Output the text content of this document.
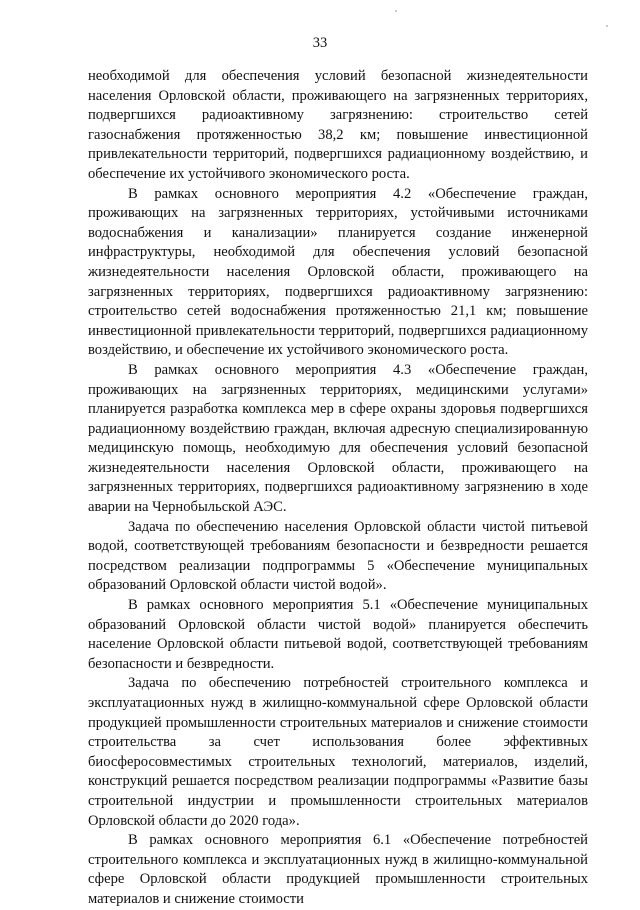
33

необходимой для обеспечения условий безопасной жизнедеятельности населения Орловской области, проживающего на загрязненных территориях, подвергшихся радиоактивному загрязнению: строительство сетей газоснабжения протяженностью 38,2 км; повышение инвестиционной привлекательности территорий, подвергшихся радиационному воздействию, и обеспечение их устойчивого экономического роста.

В рамках основного мероприятия 4.2 «Обеспечение граждан, проживающих на загрязненных территориях, устойчивыми источниками водоснабжения и канализации» планируется создание инженерной инфраструктуры, необходимой для обеспечения условий безопасной жизнедеятельности населения Орловской области, проживающего на загрязненных территориях, подвергшихся радиоактивному загрязнению: строительство сетей водоснабжения протяженностью 21,1 км; повышение инвестиционной привлекательности территорий, подвергшихся радиационному воздействию, и обеспечение их устойчивого экономического роста.

В рамках основного мероприятия 4.3 «Обеспечение граждан, проживающих на загрязненных территориях, медицинскими услугами» планируется разработка комплекса мер в сфере охраны здоровья подвергшихся радиационному воздействию граждан, включая адресную специализированную медицинскую помощь, необходимую для обеспечения условий безопасной жизнедеятельности населения Орловской области, проживающего на загрязненных территориях, подвергшихся радиоактивному загрязнению в ходе аварии на Чернобыльской АЭС.

Задача по обеспечению населения Орловской области чистой питьевой водой, соответствующей требованиям безопасности и безвредности решается посредством реализации подпрограммы 5 «Обеспечение муниципальных образований Орловской области чистой водой».

В рамках основного мероприятия 5.1 «Обеспечение муниципальных образований Орловской области чистой водой» планируется обеспечить население Орловской области питьевой водой, соответствующей требованиям безопасности и безвредности.

Задача по обеспечению потребностей строительного комплекса и эксплуатационных нужд в жилищно-коммунальной сфере Орловской области продукцией промышленности строительных материалов и снижение стоимости строительства за счет использования более эффективных биосферосовместимых строительных технологий, материалов, изделий, конструкций решается посредством реализации подпрограммы «Развитие базы строительной индустрии и промышленности строительных материалов Орловской области до 2020 года».

В рамках основного мероприятия 6.1 «Обеспечение потребностей строительного комплекса и эксплуатационных нужд в жилищно-коммунальной сфере Орловской области продукцией промышленности строительных материалов и снижение стоимости
